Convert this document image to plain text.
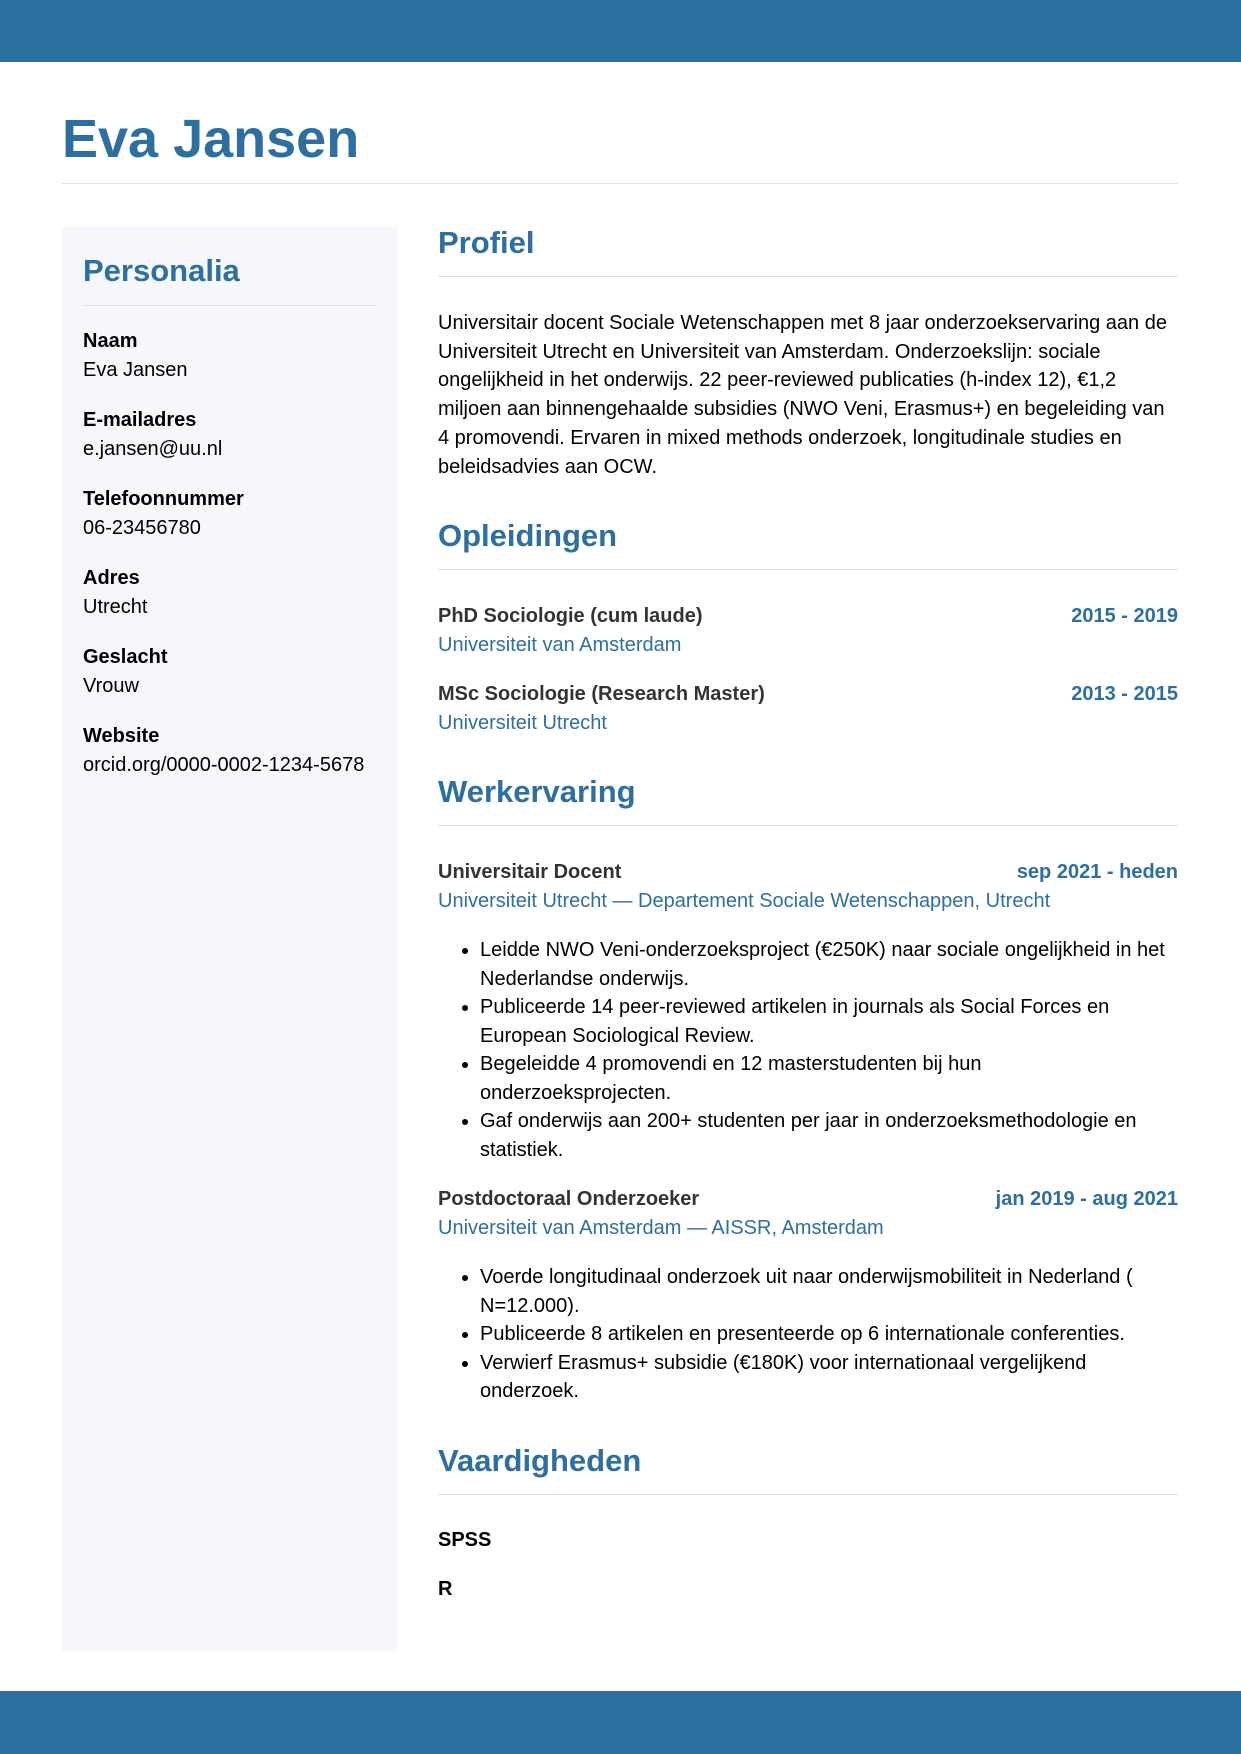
Eva Jansen
Personalia
Naam
Eva Jansen
E-mailadres
e.jansen@uu.nl
Telefoonnummer
06-23456780
Adres
Utrecht
Geslacht
Vrouw
Website
orcid.org/0000-0002-1234-5678
Profiel

Universitair docent Sociale Wetenschappen met 8 jaar onderzoekservaring aan de Universiteit Utrecht en Universiteit van Amsterdam. Onderzoekslijn: sociale ongelijkheid in het onderwijs. 22 peer-reviewed publicaties (h-index 12), €1,2 miljoen aan binnengehaalde subsidies (NWO Veni, Erasmus+) en begeleiding van 4 promovendi. Ervaren in mixed methods onderzoek, longitudinale studies en beleidsadvies aan OCW.

Opleidingen
PhD Sociologie (cum laude)	2015 - 2019
Universiteit van Amsterdam
MSc Sociologie (Research Master)	2013 - 2015
Universiteit Utrecht
Werkervaring
Universitair Docent	sep 2021 - heden
Universiteit Utrecht — Departement Sociale Wetenschappen, Utrecht
• Leidde NWO Veni-onderzoeksproject (€250K) naar sociale ongelijkheid in het Nederlandse onderwijs.
• Publiceerde 14 peer-reviewed artikelen in journals als Social Forces en European Sociological Review.
• Begeleidde 4 promovendi en 12 masterstudenten bij hun onderzoeksprojecten.
• Gaf onderwijs aan 200+ studenten per jaar in onderzoeksmethodologie en statistiek.
Postdoctoraal Onderzoeker	jan 2019 - aug 2021
Universiteit van Amsterdam — AISSR, Amsterdam
• Voerde longitudinaal onderzoek uit naar onderwijsmobiliteit in Nederland ( N=12.000).
• Publiceerde 8 artikelen en presenteerde op 6 internationale conferenties.
• Verwierf Erasmus+ subsidie (€180K) voor internationaal vergelijkend onderzoek.
Vaardigheden
SPSS
R
